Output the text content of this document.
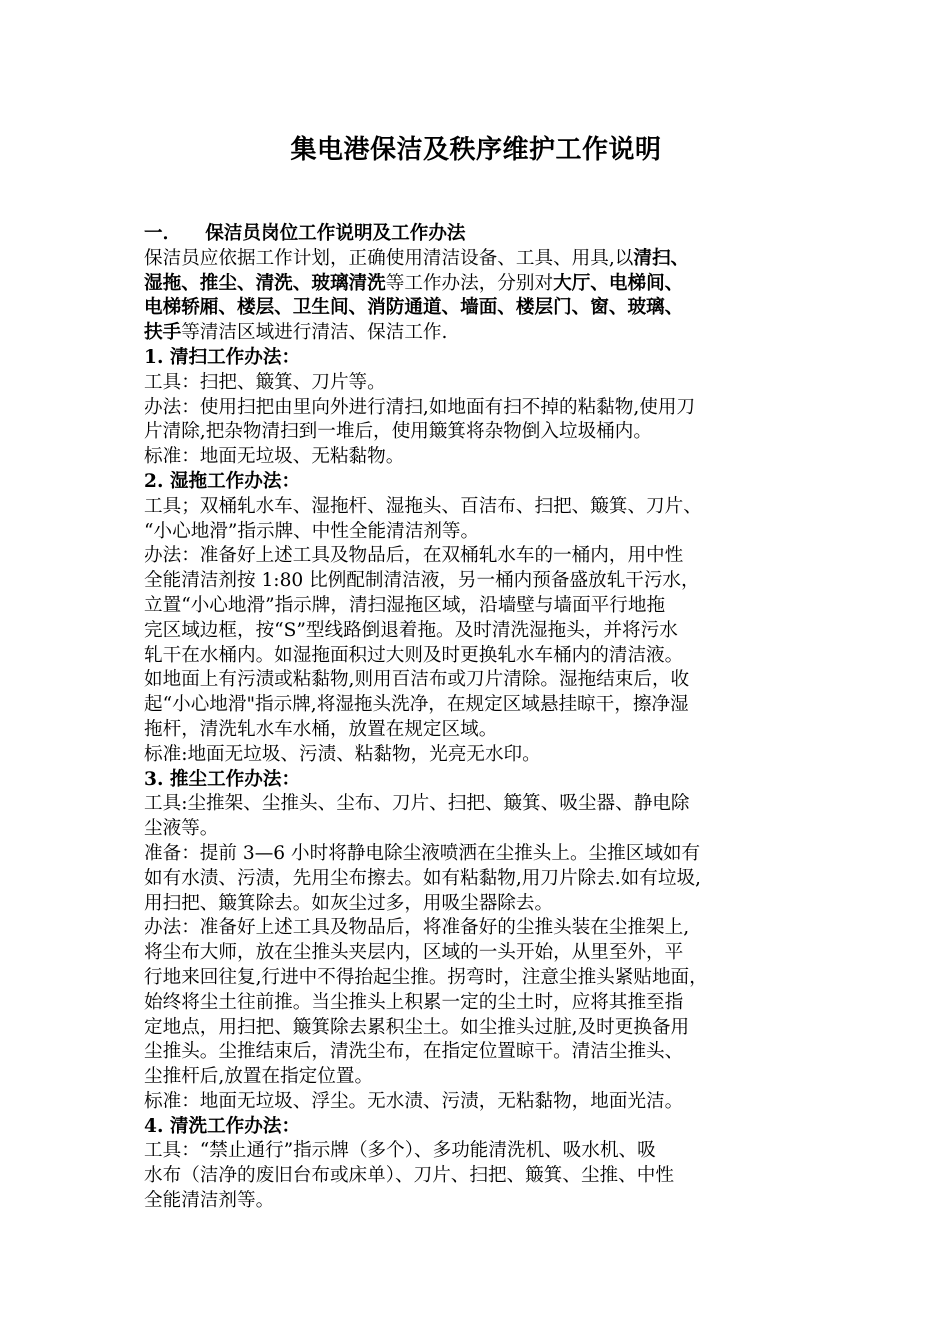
集电港保洁及秩序维护工作说明
一． 保洁员岗位工作说明及工作办法
保洁员应依据工作计划，正确使用清洁设备、工具、用具,以清扫、
湿拖、推尘、清洗、玻璃清洗等工作办法，分别对大厅、电梯间、
电梯轿厢、楼层、卫生间、消防通道、墙面、楼层门、窗、玻璃、
扶手等清洁区域进行清洁、保洁工作.
1. 清扫工作办法：
工具：扫把、簸箕、刀片等。
办法：使用扫把由里向外进行清扫,如地面有扫不掉的粘黏物,使用刀
片清除,把杂物清扫到一堆后，使用簸箕将杂物倒入垃圾桶内。
标准：地面无垃圾、无粘黏物。
2. 湿拖工作办法：
工具；双桶轧水车、湿拖杆、湿拖头、百洁布、扫把、簸箕、刀片、
“小心地滑”指示牌、中性全能清洁剂等。
办法：准备好上述工具及物品后，在双桶轧水车的一桶内，用中性
全能清洁剂按 1:80 比例配制清洁液，另一桶内预备盛放轧干污水，
立置“小心地滑”指示牌，清扫湿拖区域，沿墙壁与墙面平行地拖
完区域边框，按“S”型线路倒退着拖。及时清洗湿拖头，并将污水
轧干在水桶内。如湿拖面积过大则及时更换轧水车桶内的清洁液。
如地面上有污渍或粘黏物,则用百洁布或刀片清除。湿拖结束后，收
起“小心地滑"指示牌,将湿拖头洗净，在规定区域悬挂晾干，擦净湿
拖杆，清洗轧水车水桶，放置在规定区域。
标准:地面无垃圾、污渍、粘黏物，光亮无水印。
3. 推尘工作办法：
工具:尘推架、尘推头、尘布、刀片、扫把、簸箕、吸尘器、静电除
尘液等。
准备：提前 3—6 小时将静电除尘液喷洒在尘推头上。尘推区域如有
如有水渍、污渍，先用尘布擦去。如有粘黏物,用刀片除去.如有垃圾,
用扫把、簸箕除去。如灰尘过多，用吸尘器除去。
办法：准备好上述工具及物品后，将准备好的尘推头装在尘推架上,
将尘布大师，放在尘推头夹层内，区域的一头开始，从里至外，平
行地来回往复,行进中不得抬起尘推。拐弯时，注意尘推头紧贴地面，
始终将尘土往前推。当尘推头上积累一定的尘土时，应将其推至指
定地点，用扫把、簸箕除去累积尘土。如尘推头过脏,及时更换备用
尘推头。尘推结束后，清洗尘布，在指定位置晾干。清洁尘推头、
尘推杆后,放置在指定位置。
标准：地面无垃圾、浮尘。无水渍、污渍，无粘黏物，地面光洁。
4. 清洗工作办法：
工具：“禁止通行”指示牌（多个）、多功能清洗机、吸水机、吸
水布（洁净的废旧台布或床单）、刀片、扫把、簸箕、尘推、中性
全能清洁剂等。
